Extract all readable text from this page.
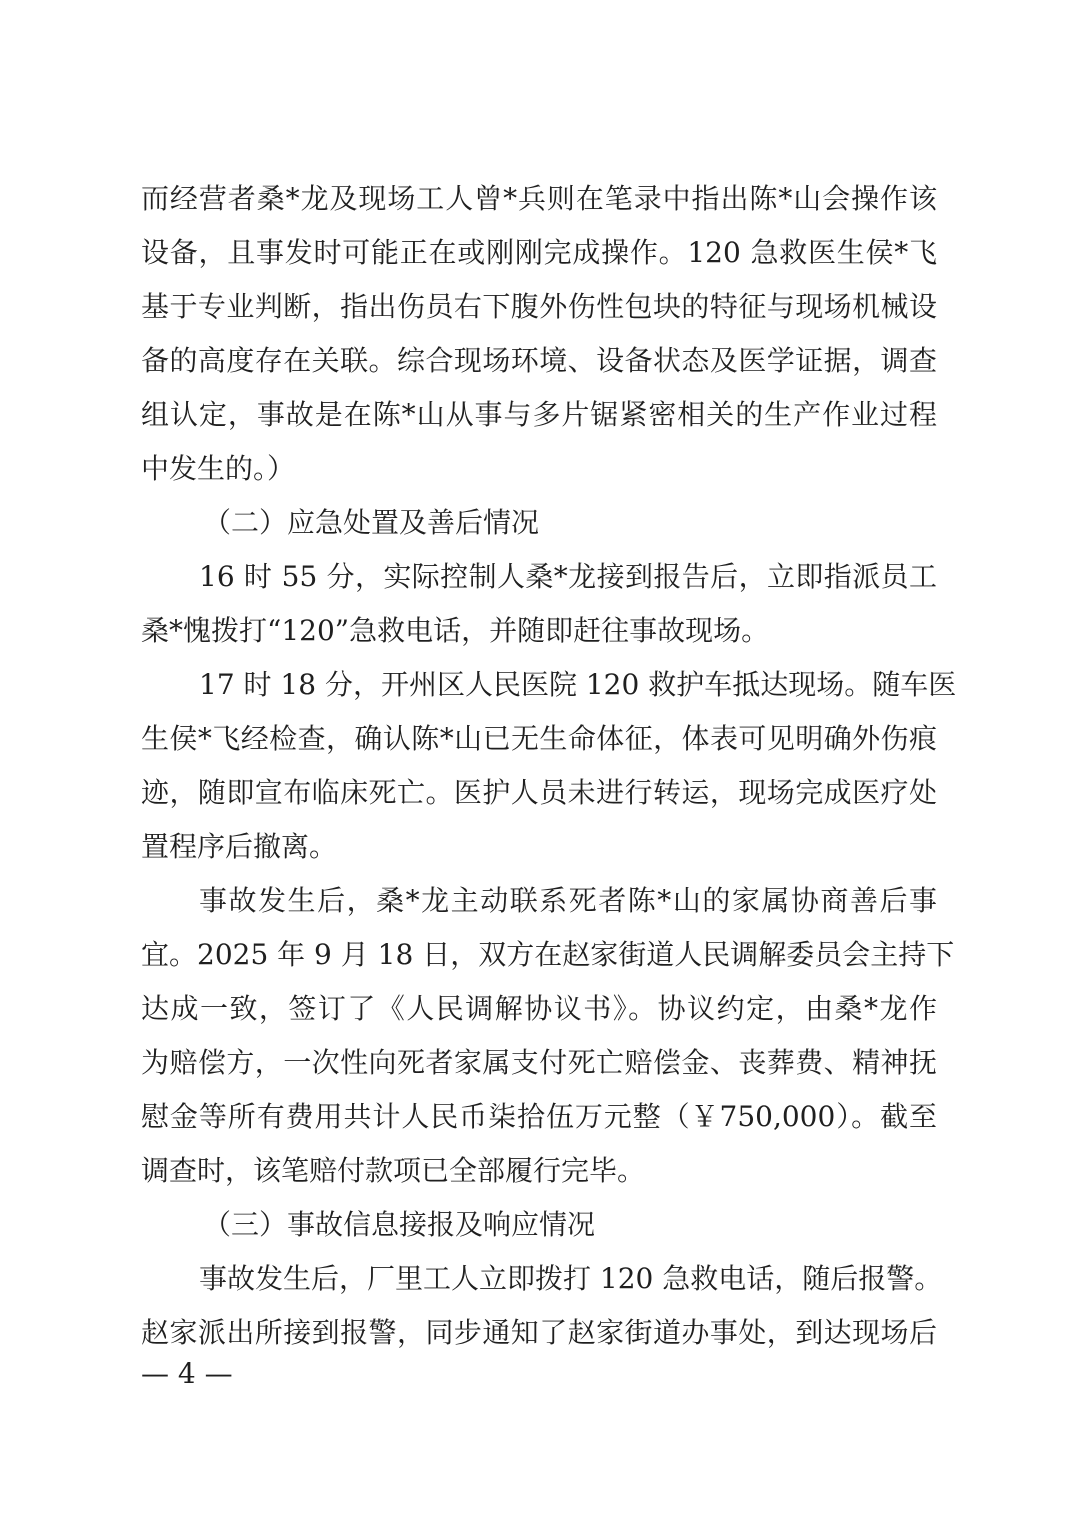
而经营者桑*龙及现场工人曾*兵则在笔录中指出陈*山会操作该
设备，且事发时可能正在或刚刚完成操作。120 急救医生侯*飞
基于专业判断，指出伤员右下腹外伤性包块的特征与现场机械设
备的高度存在关联。综合现场环境、设备状态及医学证据，调查
组认定，事故是在陈*山从事与多片锯紧密相关的生产作业过程
中发生的。）
（二）应急处置及善后情况
16 时 55 分，实际控制人桑*龙接到报告后，立即指派员工
桑*愧拨打“120”急救电话，并随即赶往事故现场。
17 时 18 分，开州区人民医院 120 救护车抵达现场。随车医
生侯*飞经检查，确认陈*山已无生命体征，体表可见明确外伤痕
迹，随即宣布临床死亡。医护人员未进行转运，现场完成医疗处
置程序后撤离。
事故发生后，桑*龙主动联系死者陈*山的家属协商善后事
宜。2025 年 9 月 18 日，双方在赵家街道人民调解委员会主持下
达成一致，签订了《人民调解协议书》。协议约定，由桑*龙作
为赔偿方，一次性向死者家属支付死亡赔偿金、丧葬费、精神抚
慰金等所有费用共计人民币柒拾伍万元整（￥750,000）。截至
调查时，该笔赔付款项已全部履行完毕。
（三）事故信息接报及响应情况
事故发生后，厂里工人立即拨打 120 急救电话，随后报警。
赵家派出所接到报警，同步通知了赵家街道办事处，到达现场后
— 4 —
